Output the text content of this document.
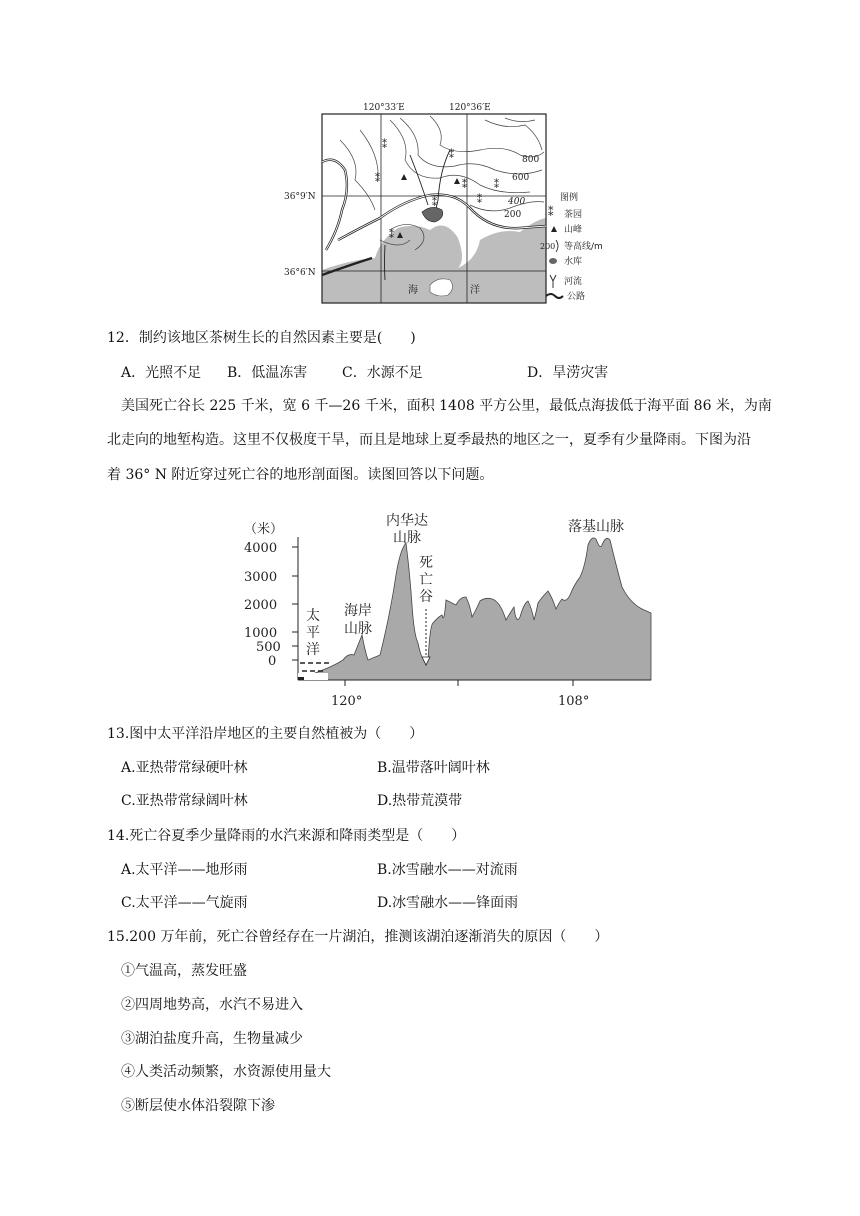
⁑
⁑
⁑
⁑	⁑
⁑
⁑
⁑
120°33′E	120°36′E
36°9′N
36°6′N
800
600
400
200
海	洋
图例
⁑ 茶园
山峰
200 等高线/m
水库
河流
公路
12．制约该地区茶树生长的自然因素主要是(　　)
A．光照不足 B．低温冻害 C．水源不足	D．旱涝灾害
美国死亡谷长 225 千米，宽 6 千—26 千米，面积 1408 平方公里，最低点海拔低于海平面 86 米，为南
北走向的地堑构造。这里不仅极度干旱，而且是地球上夏季最热的地区之一，夏季有少量降雨。下图为沿
着 36° N 附近穿过死亡谷的地形剖面图。读图回答以下问题。
（米）
4000
3000
2000
1000
500
0
120°	108°
太
平
洋
海岸
山脉
内华达
山脉
死
亡
谷
落基山脉
13.图中太平洋沿岸地区的主要自然植被为（　　）
A.亚热带常绿硬叶林	B.温带落叶阔叶林
C.亚热带常绿阔叶林	D.热带荒漠带
14.死亡谷夏季少量降雨的水汽来源和降雨类型是（　　）
A.太平洋——地形雨	B.冰雪融水——对流雨
C.太平洋——气旋雨	D.冰雪融水——锋面雨
15.200 万年前，死亡谷曾经存在一片湖泊，推测该湖泊逐渐消失的原因（　　）
①气温高，蒸发旺盛
②四周地势高，水汽不易进入
③湖泊盐度升高，生物量减少
④人类活动频繁，水资源使用量大
⑤断层使水体沿裂隙下渗
